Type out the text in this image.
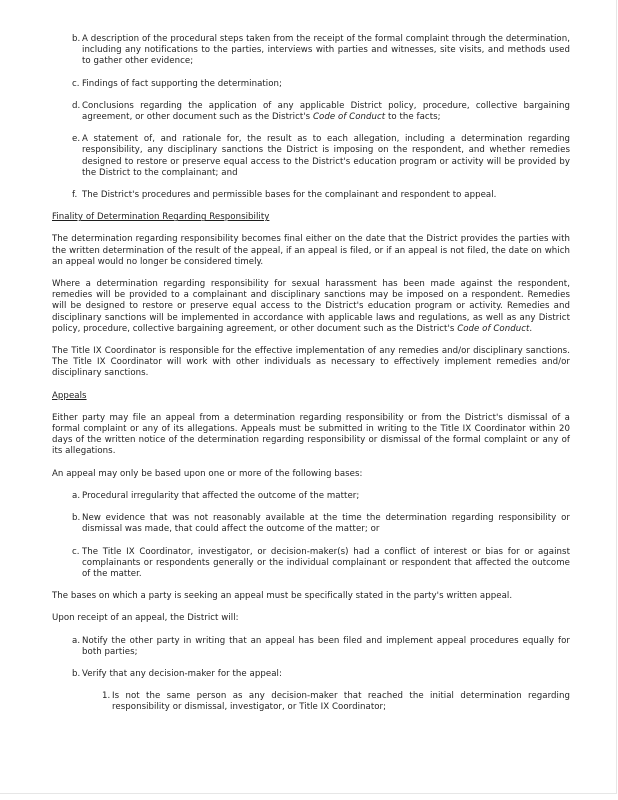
b. A description of the procedural steps taken from the receipt of the formal complaint through the determination, including any notifications to the parties, interviews with parties and witnesses, site visits, and methods used to gather other evidence;
c. Findings of fact supporting the determination;
d. Conclusions regarding the application of any applicable District policy, procedure, collective bargaining agreement, or other document such as the District's Code of Conduct to the facts;
e. A statement of, and rationale for, the result as to each allegation, including a determination regarding responsibility, any disciplinary sanctions the District is imposing on the respondent, and whether remedies designed to restore or preserve equal access to the District's education program or activity will be provided by the District to the complainant; and
f. The District's procedures and permissible bases for the complainant and respondent to appeal.
Finality of Determination Regarding Responsibility

The determination regarding responsibility becomes final either on the date that the District provides the parties with the written determination of the result of the appeal, if an appeal is filed, or if an appeal is not filed, the date on which an appeal would no longer be considered timely.

Where a determination regarding responsibility for sexual harassment has been made against the respondent, remedies will be provided to a complainant and disciplinary sanctions may be imposed on a respondent. Remedies will be designed to restore or preserve equal access to the District's education program or activity. Remedies and disciplinary sanctions will be implemented in accordance with applicable laws and regulations, as well as any District policy, procedure, collective bargaining agreement, or other document such as the District's Code of Conduct.

The Title IX Coordinator is responsible for the effective implementation of any remedies and/or disciplinary sanctions. The Title IX Coordinator will work with other individuals as necessary to effectively implement remedies and/or disciplinary sanctions.

Appeals

Either party may file an appeal from a determination regarding responsibility or from the District's dismissal of a formal complaint or any of its allegations. Appeals must be submitted in writing to the Title IX Coordinator within 20 days of the written notice of the determination regarding responsibility or dismissal of the formal complaint or any of its allegations.

An appeal may only be based upon one or more of the following bases:

a. Procedural irregularity that affected the outcome of the matter;
b. New evidence that was not reasonably available at the time the determination regarding responsibility or dismissal was made, that could affect the outcome of the matter; or
c. The Title IX Coordinator, investigator, or decision-maker(s) had a conflict of interest or bias for or against complainants or respondents generally or the individual complainant or respondent that affected the outcome of the matter.

The bases on which a party is seeking an appeal must be specifically stated in the party's written appeal.

Upon receipt of an appeal, the District will:

a. Notify the other party in writing that an appeal has been filed and implement appeal procedures equally for both parties;
b. Verify that any decision-maker for the appeal:
1. Is not the same person as any decision-maker that reached the initial determination regarding responsibility or dismissal, investigator, or Title IX Coordinator;
